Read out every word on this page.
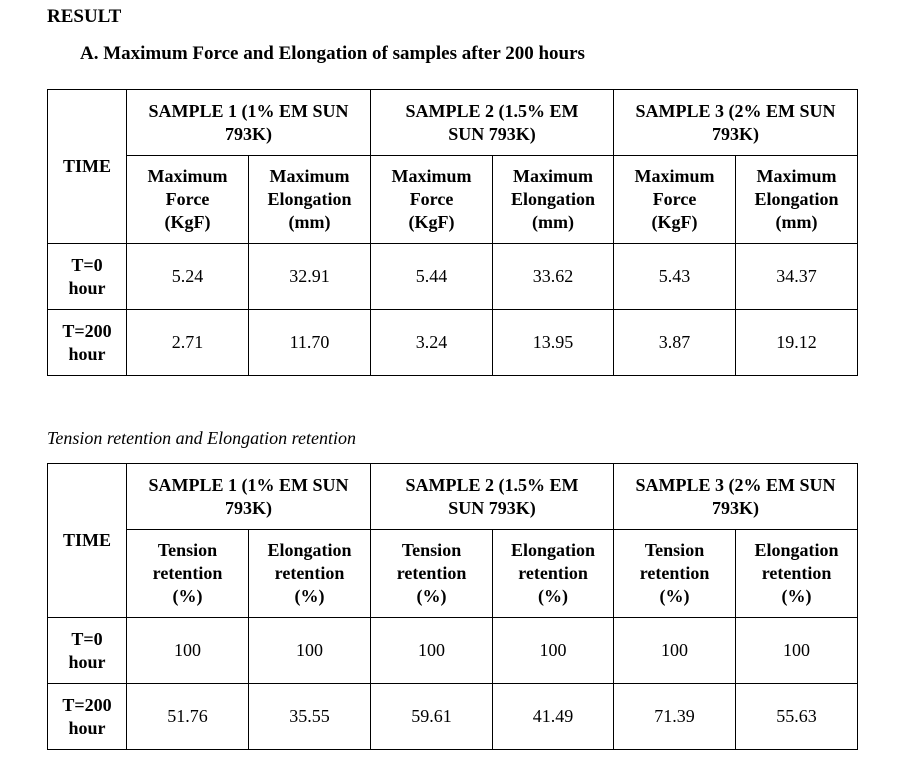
RESULT
A. Maximum Force and Elongation of samples after 200 hours
TIME	SAMPLE 1 (1% EM SUN
793K)		SAMPLE 2 (1.5% EM
SUN 793K)		SAMPLE 3 (2% EM SUN
793K)	
	Maximum
Force
(KgF)	Maximum
Elongation
(mm)	Maximum
Force
(KgF)	Maximum
Elongation
(mm)	Maximum
Force
(KgF)	Maximum
Elongation
(mm)
T=0
hour	5.24	32.91	5.44	33.62	5.43	34.37
T=200
hour	2.71	11.70	3.24	13.95	3.87	19.12
Tension retention and Elongation retention
TIME	SAMPLE 1 (1% EM SUN
793K)		SAMPLE 2 (1.5% EM
SUN 793K)		SAMPLE 3 (2% EM SUN
793K)	
	Tension
retention
(%)	Elongation
retention
(%)	Tension
retention
(%)	Elongation
retention
(%)	Tension
retention
(%)	Elongation
retention
(%)
T=0
hour	100	100	100	100	100	100
T=200
hour	51.76	35.55	59.61	41.49	71.39	55.63
